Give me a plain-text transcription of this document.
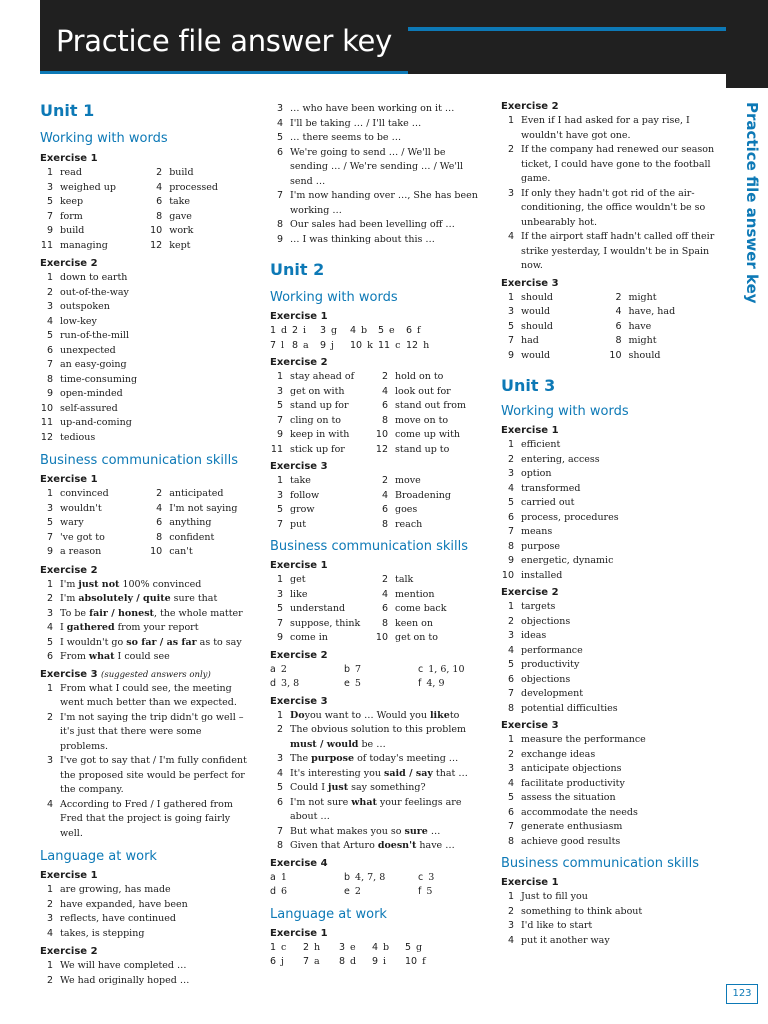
Practice file answer key
Practice file answer key
Unit 1
Working with words
Exercise 1
1 read	2 build
3 weighed up	4 processed
5 keep	6 take
7 form	8 gave
9 build	10 work
11 managing	12 kept
Exercise 2
1 down to earth
2 out-of-the-way
3 outspoken
4 low-key
5 run-of-the-mill
6 unexpected
7 an easy-going
8 time-consuming
9 open-minded
10 self-assured
11 up-and-coming
12 tedious
Business communication skills
Exercise 1
1 convinced	2 anticipated
3 wouldn't	4 I'm not saying
5 wary	6 anything
7 've got to	8 confident
9 a reason	10 can't
Exercise 2
1 I'm just not 100% convinced
2 I'm absolutely / quite sure that
3 To be fair / honest, the whole matter
4 I gathered from your report
5 I wouldn't go so far / as far as to say
6 From what I could see
Exercise 3 (suggested answers only)
1 From what I could see, the meeting went much better than we expected.
2 I'm not saying the trip didn't go well – it's just that there were some problems.
3 I've got to say that / I'm fully confident the proposed site would be perfect for the company.
4 According to Fred / I gathered from Fred that the project is going fairly well.
Language at work
Exercise 1
1 are growing, has made
2 have expanded, have been
3 reflects, have continued
4 takes, is stepping
Exercise 2
1 We will have completed …
2 We had originally hoped …
3 … who have been working on it …
4 I'll be taking … / I'll take …
5 … there seems to be …
6 We're going to send … / We'll be sending … / We're sending … / We'll send …
7 I'm now handing over …, She has been working …
8 Our sales had been levelling off …
9 … I was thinking about this …
Unit 2
Working with words
Exercise 1
1 d 2 i 3 g 4 b 5 e 6 f
7 l 8 a 9 j 10 k 11 c 12 h
Exercise 2
1 stay ahead of	2 hold on to
3 get on with	4 look out for
5 stand up for	6 stand out from
7 cling on to	8 move on to
9 keep in with	10 come up with
11 stick up for	12 stand up to
Exercise 3
1 take	2 move
3 follow	4 Broadening
5 grow	6 goes
7 put	8 reach
Business communication skills
Exercise 1
1 get	2 talk
3 like	4 mention
5 understand	6 come back
7 suppose, think	8 keen on
9 come in	10 get on to
Exercise 2
a 2	b 7	c 1, 6, 10
d 3, 8	e 5	f 4, 9
Exercise 3
1 Doyou want to … Would you liketo
2 The obvious solution to this problem must / would be …
3 The purpose of today's meeting …
4 It's interesting you said / say that …
5 Could I just say something?
6 I'm not sure what your feelings are about …
7 But what makes you so sure …
8 Given that Arturo doesn't have …
Exercise 4
a 1	b 4, 7, 8	c 3
d 6	e 2	f 5
Language at work
Exercise 1
1 c 2 h 3 e 4 b 5 g
6 j 7 a 8 d 9 i 10 f
Exercise 2
1 Even if I had asked for a pay rise, I wouldn't have got one.
2 If the company had renewed our season ticket, I could have gone to the football game.
3 If only they hadn't got rid of the air-conditioning, the office wouldn't be so unbearably hot.
4 If the airport staff hadn't called off their strike yesterday, I wouldn't be in Spain now.
Exercise 3
1 should	2 might
3 would	4 have, had
5 should	6 have
7 had	8 might
9 would	10 should
Unit 3
Working with words
Exercise 1
1 efficient
2 entering, access
3 option
4 transformed
5 carried out
6 process, procedures
7 means
8 purpose
9 energetic, dynamic
10 installed
Exercise 2
1 targets
2 objections
3 ideas
4 performance
5 productivity
6 objections
7 development
8 potential difficulties
Exercise 3
1 measure the performance
2 exchange ideas
3 anticipate objections
4 facilitate productivity
5 assess the situation
6 accommodate the needs
7 generate enthusiasm
8 achieve good results
Business communication skills
Exercise 1
1 Just to fill you
2 something to think about
3 I'd like to start
4 put it another way
123
